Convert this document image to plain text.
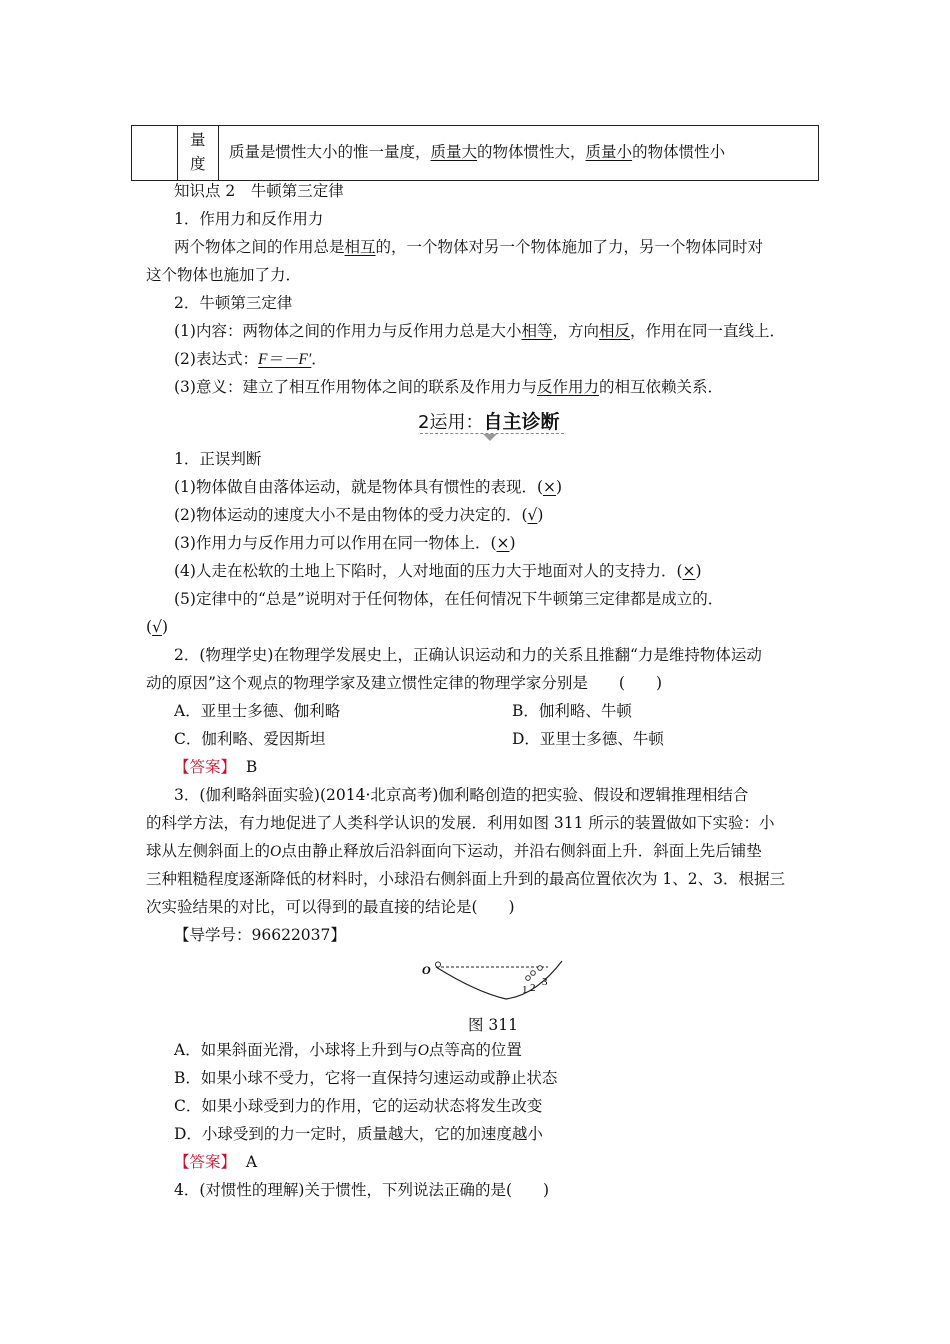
量
度
质量是惯性大小的惟一量度，质量大的物体惯性大，质量小的物体惯性小
知识点 2　牛顿第三定律
1．作用力和反作用力
两个物体之间的作用总是相互的，一个物体对另一个物体施加了力，另一个物体同时对
这个物体也施加了力．
2．牛顿第三定律
(1)内容：两物体之间的作用力与反作用力总是大小相等，方向相反，作用在同一直线上．
(2)表达式：F＝－F′．
(3)意义：建立了相互作用物体之间的联系及作用力与反作用力的相互依赖关系．
2运用：自主诊断
1．正误判断
(1)物体做自由落体运动，就是物体具有惯性的表现．(×)
(2)物体运动的速度大小不是由物体的受力决定的．(√)
(3)作用力与反作用力可以作用在同一物体上．(×)
(4)人走在松软的土地上下陷时，人对地面的压力大于地面对人的支持力．(×)
(5)定律中的“总是”说明对于任何物体，在任何情况下牛顿第三定律都是成立的．
(√)
2．(物理学史)在物理学发展史上，正确认识运动和力的关系且推翻“力是维持物体运动
动的原因”这个观点的物理学家及建立惯性定律的物理学家分别是　　(　　)
A．亚里士多德、伽利略	B．伽利略、牛顿
C．伽利略、爱因斯坦	D．亚里士多德、牛顿
【答案】 B
3．(伽利略斜面实验)(2014·北京高考)伽利略创造的把实验、假设和逻辑推理相结合
的科学方法，有力地促进了人类科学认识的发展．利用如图 311 所示的装置做如下实验：小
球从左侧斜面上的O点由静止释放后沿斜面向下运动，并沿右侧斜面上升．斜面上先后铺垫
三种粗糙程度逐渐降低的材料时，小球沿右侧斜面上升到的最高位置依次为 1、2、3．根据三
次实验结果的对比，可以得到的最直接的结论是(　　)
【导学号：96622037】
O
1 2 3
图 311
A．如果斜面光滑，小球将上升到与O点等高的位置
B．如果小球不受力，它将一直保持匀速运动或静止状态
C．如果小球受到力的作用，它的运动状态将发生改变
D．小球受到的力一定时，质量越大，它的加速度越小
【答案】 A
4．(对惯性的理解)关于惯性，下列说法正确的是(　　)
